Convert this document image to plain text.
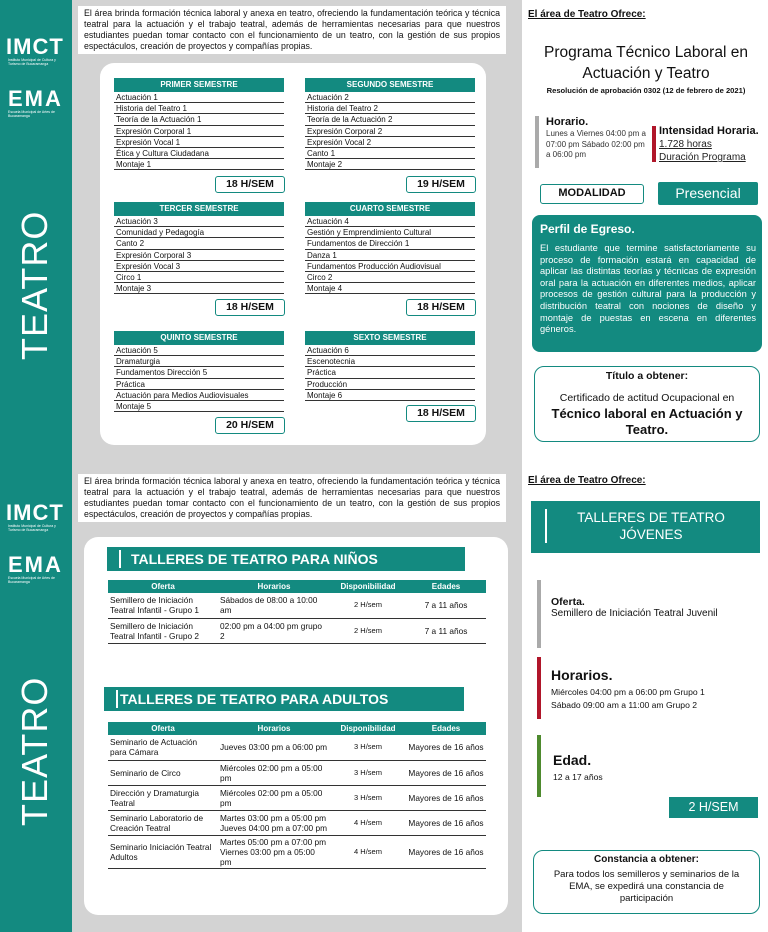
IMCT
Instituto Municipal de Cultura y Turismo de Bucaramanga
EMA
Escuela Municipal de Artes de Bucaramanga
TEATRO
El área brinda formación técnica laboral y anexa en teatro, ofreciendo la fundamentación teórica y técnica teatral para la actuación y el trabajo teatral, además de herramientas necesarias para que nuestros estudiantes puedan tomar contacto con el funcionamiento de un teatro, con la gestión de sus propios espectáculos, creación de proyectos y compañías propias.
PRIMER SEMESTRE
Actuación 1
Historia del Teatro 1
Teoría de la Actuación 1
Expresión Corporal 1
Expresión Vocal 1
Ética y Cultura Ciudadana
Montaje 1
18 H/SEM
SEGUNDO SEMESTRE
Actuación 2
Historia del Teatro 2
Teoría de la Actuación 2
Expresión Corporal 2
Expresión Vocal 2
Canto 1
Montaje 2
19 H/SEM
TERCER SEMESTRE
Actuación 3
Comunidad y Pedagogía
Canto 2
Expresión Corporal 3
Expresión Vocal 3
Circo 1
Montaje 3
18 H/SEM
CUARTO SEMESTRE
Actuación 4
Gestión y Emprendimiento Cultural
Fundamentos de Dirección 1
Danza 1
Fundamentos Producción Audiovisual
Circo 2
Montaje 4
18 H/SEM
QUINTO SEMESTRE
Actuación 5
Dramaturgia
Fundamentos Dirección 5
Práctica
Actuación para Medios Audiovisuales
Montaje 5
20 H/SEM
SEXTO SEMESTRE
Actuación 6
Escenotecnia
Práctica
Producción
Montaje 6
18 H/SEM
El área de Teatro Ofrece:
Programa Técnico Laboral en Actuación y Teatro
Resolución de aprobación 0302 (12 de febrero de 2021)
Horario.
Lunes a Viernes 04:00 pm a 07:00 pm Sábado 02:00 pm a 06:00 pm
Intensidad Horaria.
1.728 horas
Duración Programa
MODALIDAD	Presencial
Perfil de Egreso.
El estudiante que termine satisfactoriamente su proceso de formación estará en capacidad de aplicar las distintas teorías y técnicas de expresión oral para la actuación en diferentes medios, aplicar procesos de gestión cultural para la producción y distribución teatral con nociones de diseño y montaje de puestas en escena en diferentes géneros.
Título a obtener:
Certificado de actitud Ocupacional en
Técnico laboral en Actuación y Teatro.
IMCT
Instituto Municipal de Cultura y Turismo de Bucaramanga
EMA
Escuela Municipal de Artes de Bucaramanga
TEATRO
El área brinda formación técnica laboral y anexa en teatro, ofreciendo la fundamentación teórica y técnica teatral para la actuación y el trabajo teatral, además de herramientas necesarias para que nuestros estudiantes puedan tomar contacto con el funcionamiento de un teatro, con la gestión de sus propios espectáculos, creación de proyectos y compañías propias.
TALLERES DE TEATRO PARA NIÑOS
Oferta	Horarios	Disponibilidad	Edades
Semillero de Iniciación Teatral Infantil - Grupo 1	Sábados de 08:00 a 10:00 am	2 H/sem	7 a 11 años
Semillero de Iniciación Teatral Infantil - Grupo 2	02:00 pm a 04:00 pm grupo 2	2 H/sem	7 a 11 años
TALLERES DE TEATRO PARA ADULTOS
Oferta	Horarios	Disponibilidad	Edades
Seminario de Actuación para Cámara	Jueves 03:00 pm a 06:00 pm	3 H/sem	Mayores de 16 años
Seminario de Circo	Miércoles 02:00 pm a 05:00 pm	3 H/sem	Mayores de 16 años
Dirección y Dramaturgia Teatral	Miércoles 02:00 pm a 05:00 pm	3 H/sem	Mayores de 16 años
Seminario Laboratorio de Creación Teatral	Martes 03:00 pm a 05:00 pm Jueves 04:00 pm a 07:00 pm	4 H/sem	Mayores de 16 años
Seminario Iniciación Teatral Adultos	Martes 05:00 pm a 07:00 pm Viernes 03:00 pm a 05:00 pm	4 H/sem	Mayores de 16 años
El área de Teatro Ofrece:
TALLERES DE TEATRO JÓVENES
Oferta.
Semillero de Iniciación Teatral Juvenil
Horarios.
Miércoles 04:00 pm a 06:00 pm Grupo 1
Sábado 09:00 am a 11:00 am Grupo 2
Edad.
12 a 17 años
2 H/SEM
Constancia a obtener:
Para todos los semilleros y seminarios de la EMA, se expedirá una constancia de participación
